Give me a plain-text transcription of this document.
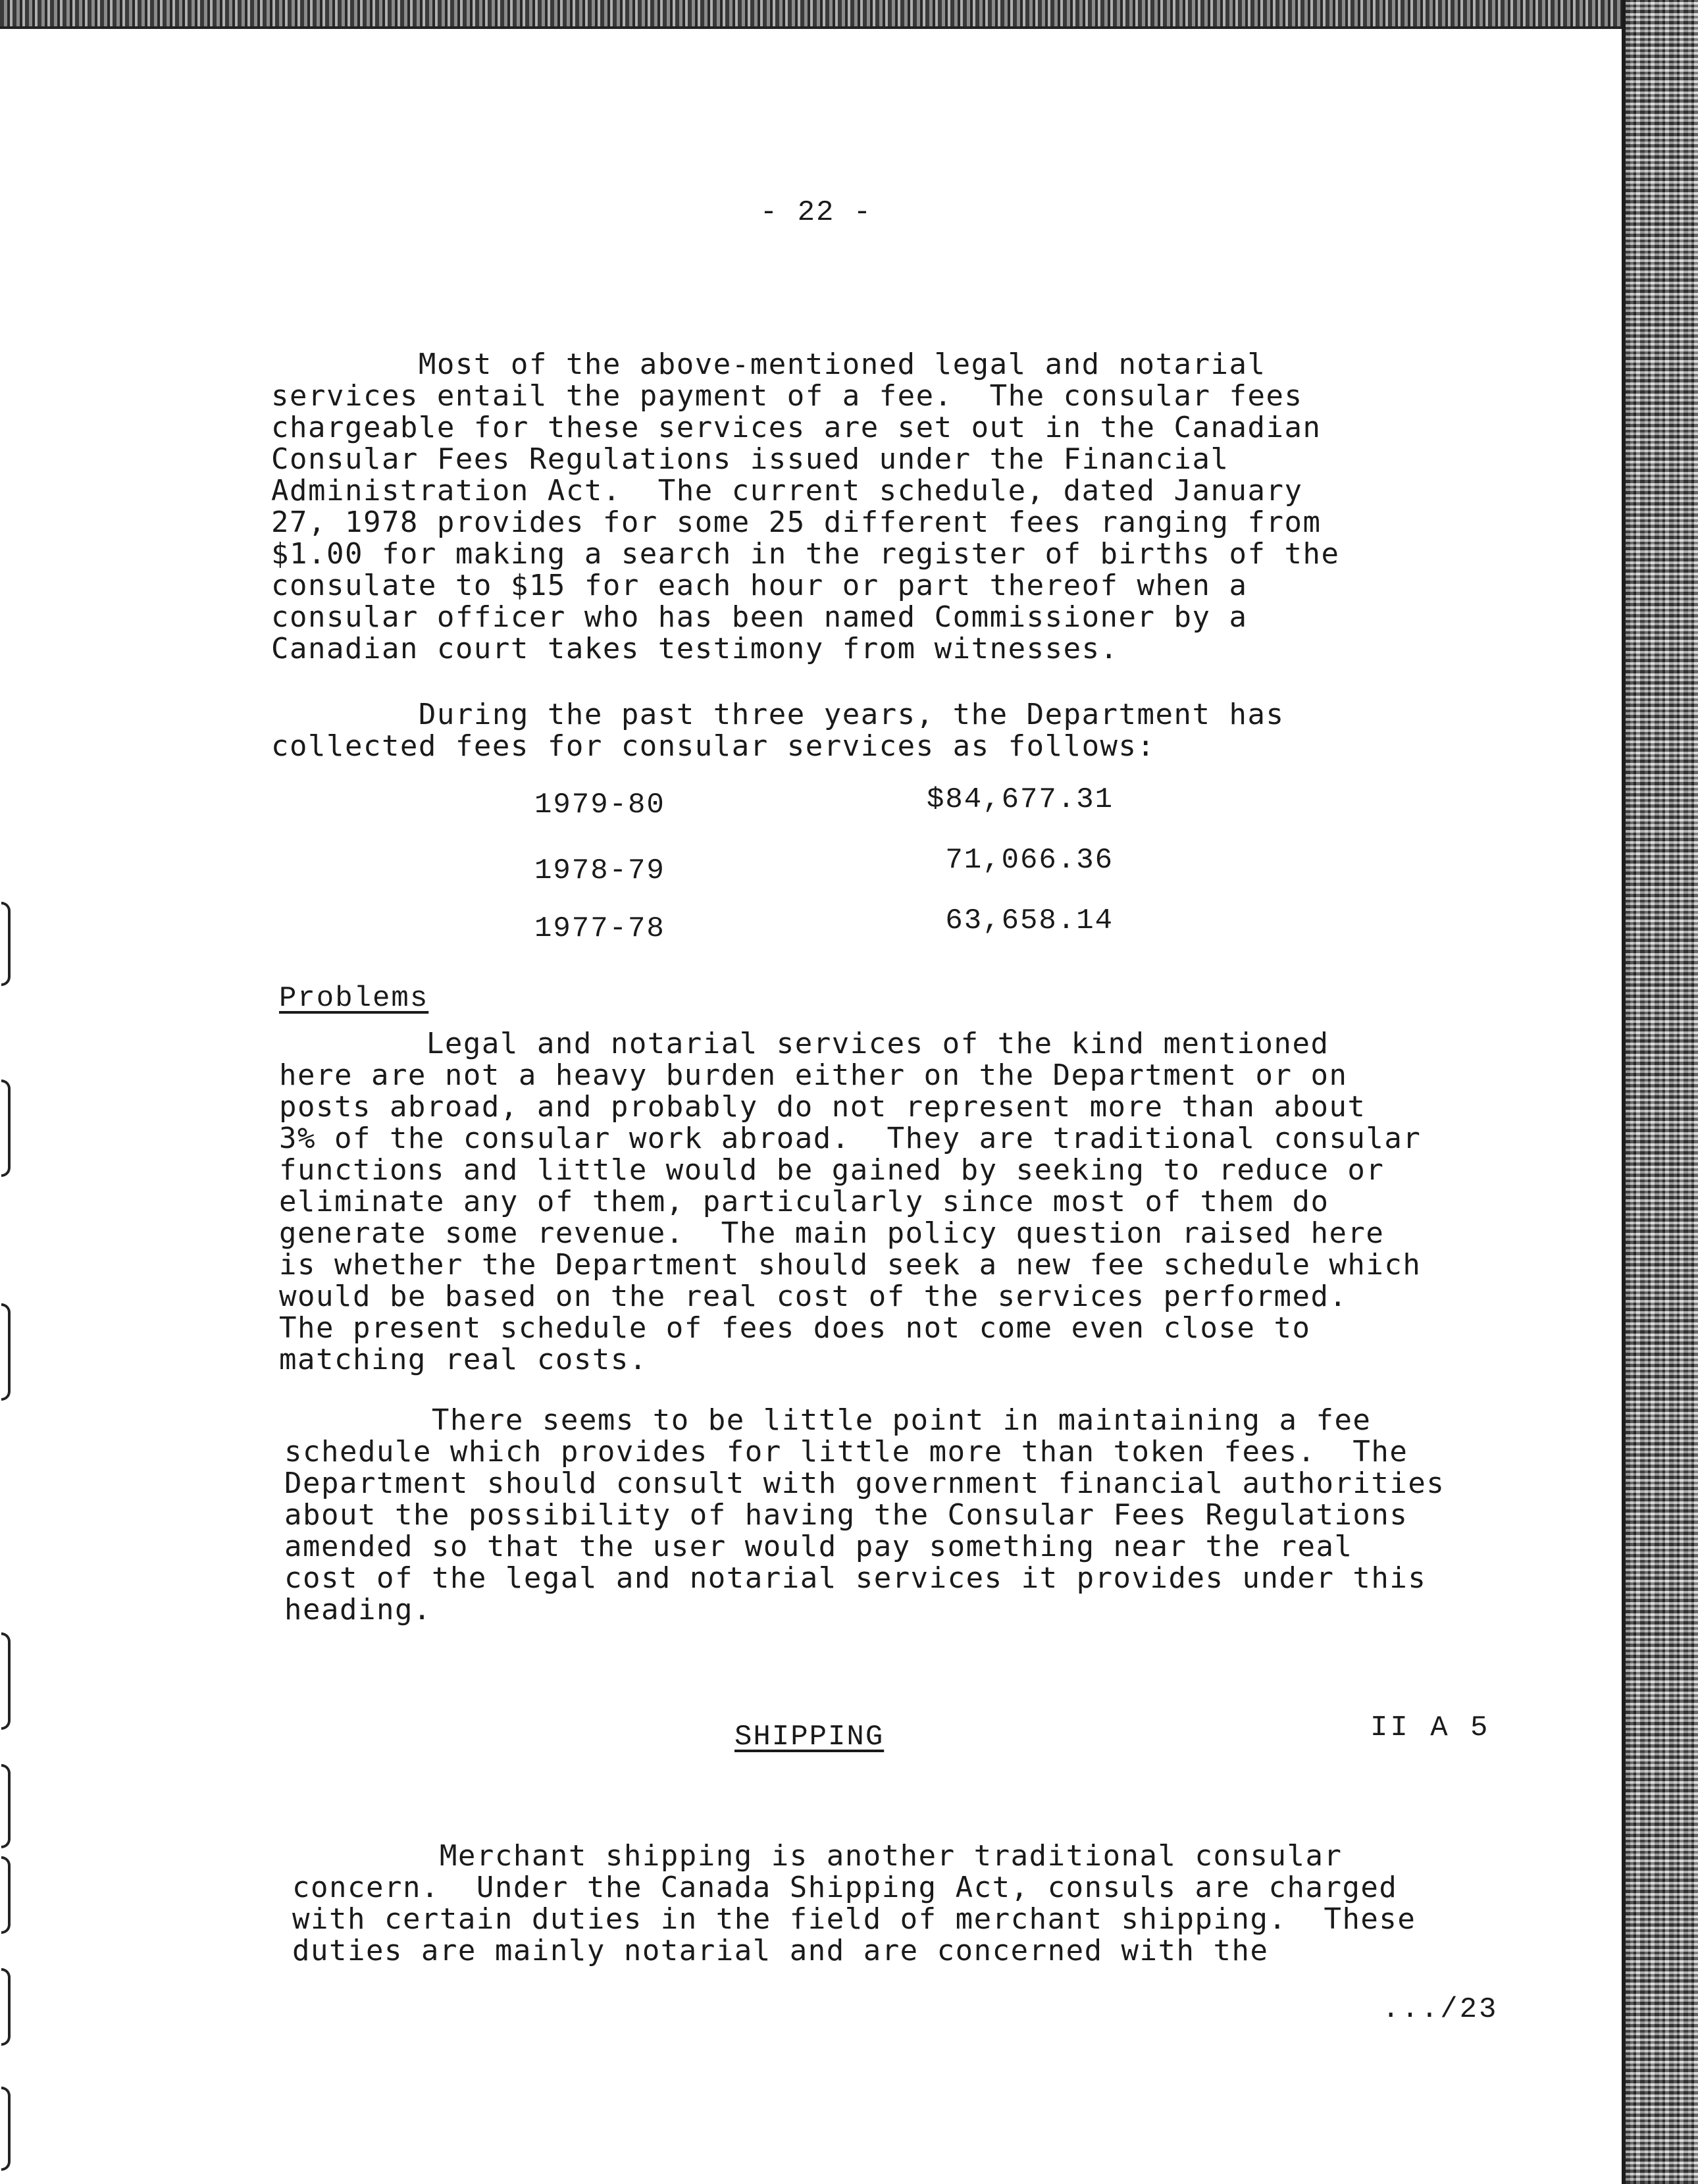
- 22 -
Most of the above-mentioned legal and notarial
services entail the payment of a fee.  The consular fees
chargeable for these services are set out in the Canadian
Consular Fees Regulations issued under the Financial
Administration Act.  The current schedule, dated January
27, 1978 provides for some 25 different fees ranging from
$1.00 for making a search in the register of births of the
consulate to $15 for each hour or part thereof when a
consular officer who has been named Commissioner by a
Canadian court takes testimony from witnesses.
During the past three years, the Department has
collected fees for consular services as follows:
1979-80	$84,677.31
1978-79	71,066.36
1977-78	63,658.14
Problems
Legal and notarial services of the kind mentioned
here are not a heavy burden either on the Department or on
posts abroad, and probably do not represent more than about
3% of the consular work abroad.  They are traditional consular
functions and little would be gained by seeking to reduce or
eliminate any of them, particularly since most of them do
generate some revenue.  The main policy question raised here
is whether the Department should seek a new fee schedule which
would be based on the real cost of the services performed.
The present schedule of fees does not come even close to
matching real costs.
There seems to be little point in maintaining a fee
schedule which provides for little more than token fees.  The
Department should consult with government financial authorities
about the possibility of having the Consular Fees Regulations
amended so that the user would pay something near the real
cost of the legal and notarial services it provides under this
heading.
SHIPPING	II A 5
Merchant shipping is another traditional consular
concern.  Under the Canada Shipping Act, consuls are charged
with certain duties in the field of merchant shipping.  These
duties are mainly notarial and are concerned with the
.../23
